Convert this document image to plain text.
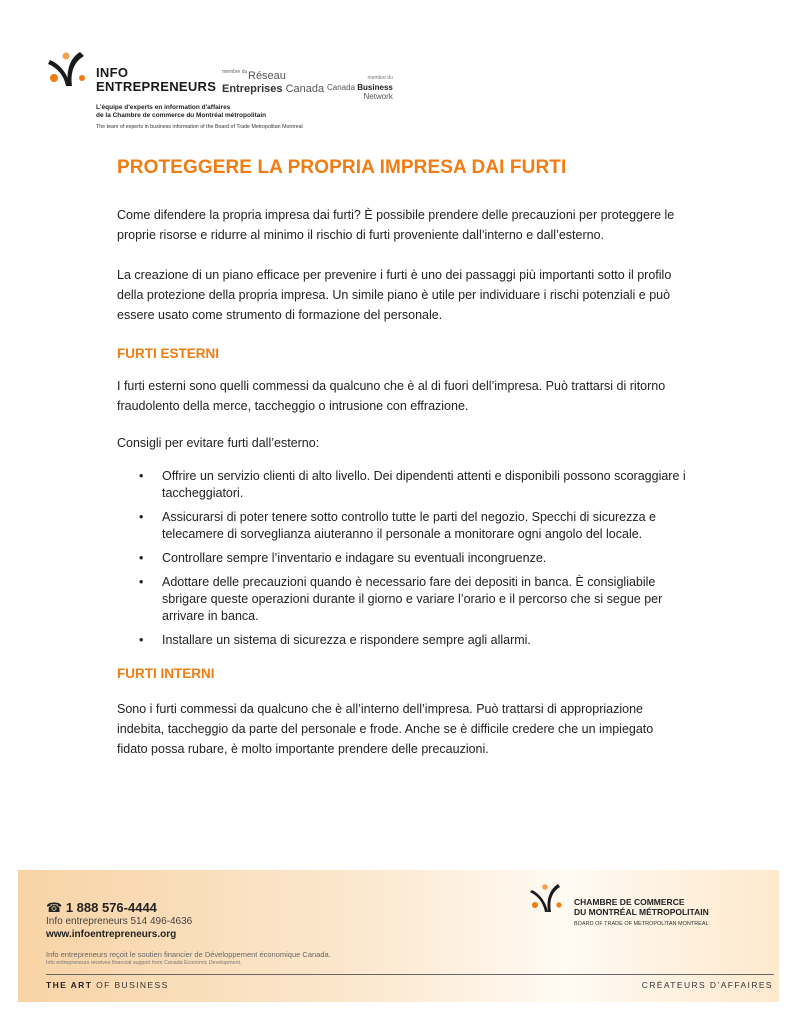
INFO
ENTREPRENEURS
membre du Réseau
Entreprises Canada
membre du
Canada Business
Network
L'équipe d'experts en information d'affaires
de la Chambre de commerce du Montréal métropolitain
The team of experts in business information of the Board of Trade Metropolitan Montreal
PROTEGGERE LA PROPRIA IMPRESA DAI FURTI

Come difendere la propria impresa dai furti? È possibile prendere delle precauzioni per proteggere le proprie risorse e ridurre al minimo il rischio di furti proveniente dall’interno e dall’esterno.

La creazione di un piano efficace per prevenire i furti è uno dei passaggi più importanti sotto il profilo della protezione della propria impresa. Un simile piano è utile per individuare i rischi potenziali e può essere usato come strumento di formazione del personale.

FURTI ESTERNI

I furti esterni sono quelli commessi da qualcuno che è al di fuori dell’impresa. Può trattarsi di ritorno fraudolento della merce, taccheggio o intrusione con effrazione.

Consigli per evitare furti dall’esterno:

• Offrire un servizio clienti di alto livello. Dei dipendenti attenti e disponibili possono scoraggiare i taccheggiatori.
• Assicurarsi di poter tenere sotto controllo tutte le parti del negozio. Specchi di sicurezza e telecamere di sorveglianza aiuteranno il personale a monitorare ogni angolo del locale.
• Controllare sempre l’inventario e indagare su eventuali incongruenze.
• Adottare delle precauzioni quando è necessario fare dei depositi in banca. È consigliabile sbrigare queste operazioni durante il giorno e variare l’orario e il percorso che si segue per arrivare in banca.
• Installare un sistema di sicurezza e rispondere sempre agli allarmi.
FURTI INTERNI

Sono i furti commessi da qualcuno che è all’interno dell’impresa. Può trattarsi di appropriazione indebita, taccheggio da parte del personale e frode. Anche se è difficile credere che un impiegato fidato possa rubare, è molto importante prendere delle precauzioni.

☎ 1 888 576-4444
Info entrepreneurs 514 496-4636
www.infoentrepreneurs.org
Info entrepreneurs reçoit le soutien financier de Développement économique Canada.
Info entrepreneurs receives financial support from Canada Economic Development.
CHAMBRE DE COMMERCE
DU MONTRÉAL MÉTROPOLITAIN
BOARD OF TRADE OF METROPOLITAN MONTREAL
THE ART OF BUSINESS	CRÉATEURS D’AFFAIRES
